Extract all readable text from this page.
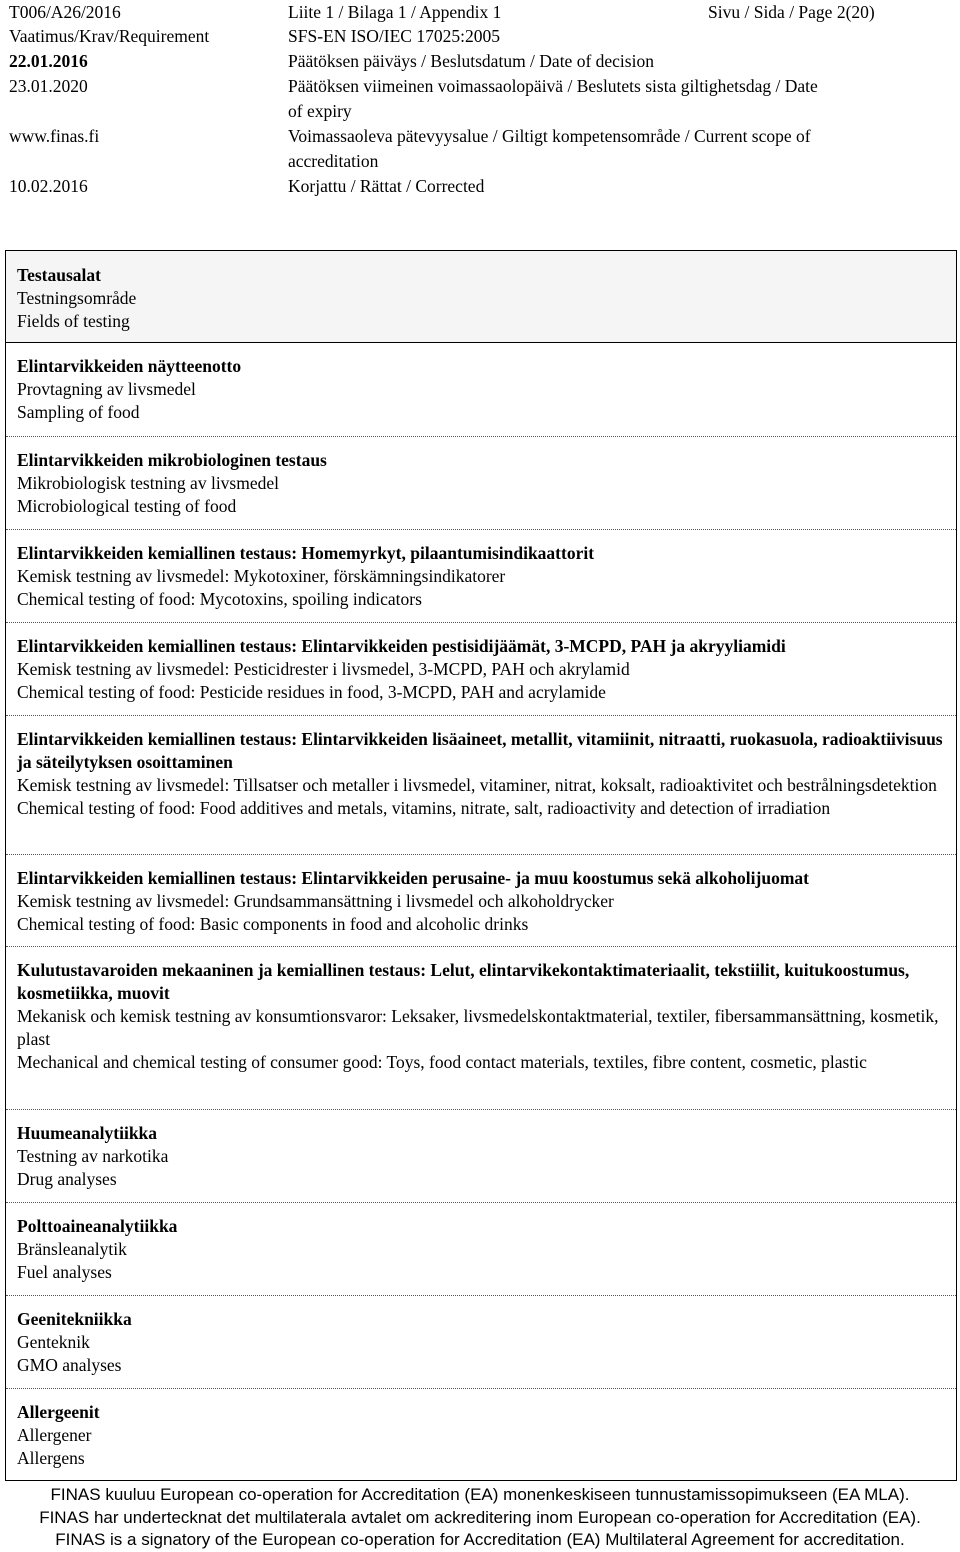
T006/A26/2016	Liite 1 / Bilaga 1 / Appendix 1	Sivu / Sida / Page 2(20)
Vaatimus/Krav/Requirement	SFS-EN ISO/IEC 17025:2005
22.01.2016	Päätöksen päiväys / Beslutsdatum / Date of decision
23.01.2020	Päätöksen viimeinen voimassaolopäivä / Beslutets sista giltighetsdag / Date
of expiry
www.finas.fi	Voimassaoleva pätevyysalue / Giltigt kompetensområde / Current scope of
accreditation
10.02.2016	Korjattu / Rättat / Corrected
Testausalat
Testningsområde
Fields of testing
Elintarvikkeiden näytteenotto
Provtagning av livsmedel
Sampling of food
Elintarvikkeiden mikrobiologinen testaus
Mikrobiologisk testning av livsmedel
Microbiological testing of food
Elintarvikkeiden kemiallinen testaus: Homemyrkyt, pilaantumisindikaattorit
Kemisk testning av livsmedel: Mykotoxiner, förskämningsindikatorer
Chemical testing of food: Mycotoxins, spoiling indicators
Elintarvikkeiden kemiallinen testaus: Elintarvikkeiden pestisidijäämät, 3-MCPD, PAH ja akryyliamidi
Kemisk testning av livsmedel: Pesticidrester i livsmedel, 3-MCPD, PAH och akrylamid
Chemical testing of food: Pesticide residues in food, 3-MCPD, PAH and acrylamide
Elintarvikkeiden kemiallinen testaus: Elintarvikkeiden lisäaineet, metallit, vitamiinit, nitraatti, ruokasuola, radioaktiivisuus ja säteilytyksen osoittaminen
Kemisk testning av livsmedel: Tillsatser och metaller i livsmedel, vitaminer, nitrat, koksalt, radioaktivitet och bestrålningsdetektion
Chemical testing of food: Food additives and metals, vitamins, nitrate, salt, radioactivity and detection of irradiation
Elintarvikkeiden kemiallinen testaus: Elintarvikkeiden perusaine- ja muu koostumus sekä alkoholijuomat
Kemisk testning av livsmedel: Grundsammansättning i livsmedel och alkoholdrycker
Chemical testing of food: Basic components in food and alcoholic drinks
Kulutustavaroiden mekaaninen ja kemiallinen testaus: Lelut, elintarvikekontaktimateriaalit, tekstiilit, kuitukoostumus, kosmetiikka, muovit
Mekanisk och kemisk testning av konsumtionsvaror: Leksaker, livsmedelskontaktmaterial, textiler, fibersammansättning, kosmetik, plast
Mechanical and chemical testing of consumer good: Toys, food contact materials, textiles, fibre content, cosmetic, plastic
Huumeanalytiikka
Testning av narkotika
Drug analyses
Polttoaineanalytiikka
Bränsleanalytik
Fuel analyses
Geenitekniikka
Genteknik
GMO analyses
Allergeenit
Allergener
Allergens
FINAS kuuluu European co-operation for Accreditation (EA) monenkeskiseen tunnustamissopimukseen (EA MLA).
FINAS har undertecknat det multilaterala avtalet om ackreditering inom European co-operation for Accreditation (EA).
FINAS is a signatory of the European co-operation for Accreditation (EA) Multilateral Agreement for accreditation.
